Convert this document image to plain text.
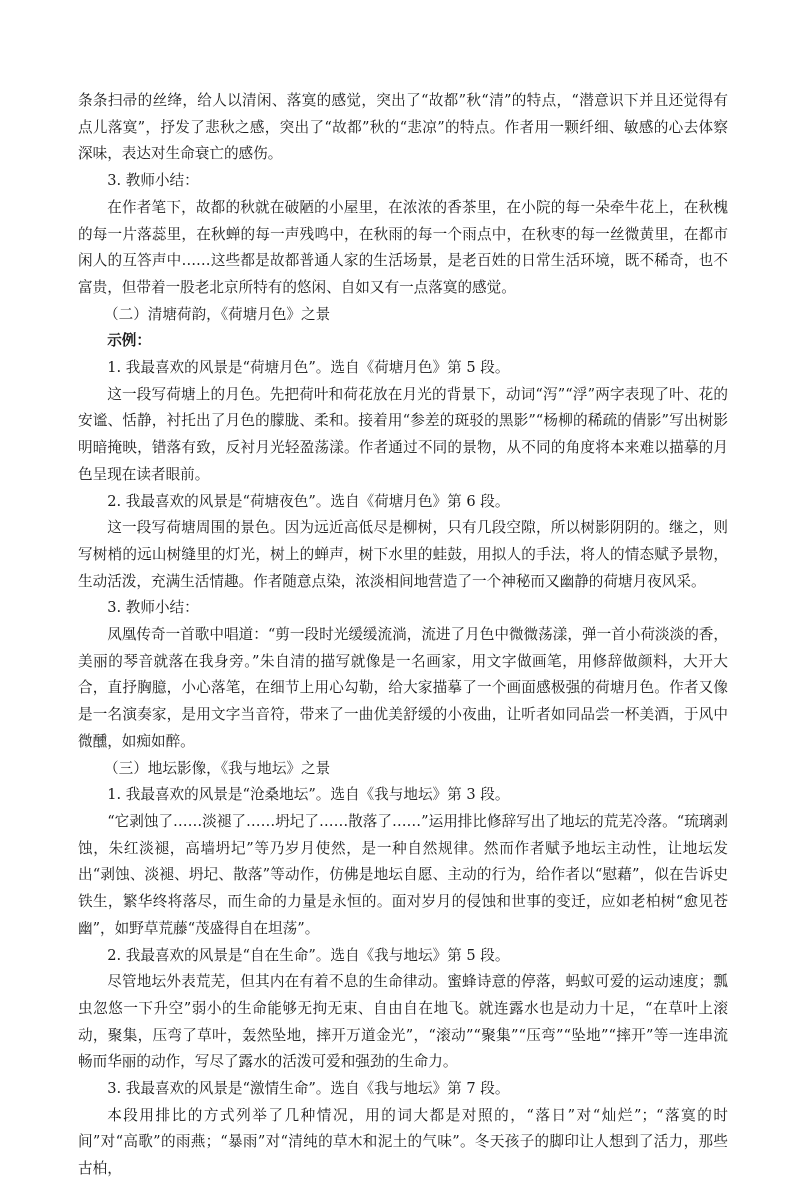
条条扫帚的丝绛，给人以清闲、落寞的感觉，突出了“故都”秋“清”的特点，“潜意识下并且还觉得有点儿落寞”，抒发了悲秋之感，突出了“故都”秋的“悲凉”的特点。作者用一颗纤细、敏感的心去体察深味，表达对生命衰亡的感伤。

3. 教师小结：

在作者笔下，故都的秋就在破陋的小屋里，在浓浓的香茶里，在小院的每一朵牵牛花上，在秋槐的每一片落蕊里，在秋蝉的每一声残鸣中，在秋雨的每一个雨点中，在秋枣的每一丝微黄里，在都市闲人的互答声中……这些都是故都普通人家的生活场景，是老百姓的日常生活环境，既不稀奇，也不富贵，但带着一股老北京所特有的悠闲、自如又有一点落寞的感觉。

（二）清塘荷韵，《荷塘月色》之景

示例：

1. 我最喜欢的风景是“荷塘月色”。选自《荷塘月色》第 5 段。

这一段写荷塘上的月色。先把荷叶和荷花放在月光的背景下，动词“泻”“浮”两字表现了叶、花的安谧、恬静，衬托出了月色的朦胧、柔和。接着用“参差的斑驳的黑影”“杨柳的稀疏的倩影”写出树影明暗掩映，错落有致，反衬月光轻盈荡漾。作者通过不同的景物，从不同的角度将本来难以描摹的月色呈现在读者眼前。

2. 我最喜欢的风景是“荷塘夜色”。选自《荷塘月色》第 6 段。

这一段写荷塘周围的景色。因为远近高低尽是柳树，只有几段空隙，所以树影阴阴的。继之，则写树梢的远山树缝里的灯光，树上的蝉声，树下水里的蛙鼓，用拟人的手法，将人的情态赋予景物，生动活泼，充满生活情趣。作者随意点染，浓淡相间地营造了一个神秘而又幽静的荷塘月夜风采。

3. 教师小结：

凤凰传奇一首歌中唱道：“剪一段时光缓缓流淌，流进了月色中微微荡漾，弹一首小荷淡淡的香，美丽的琴音就落在我身旁。”朱自清的描写就像是一名画家，用文字做画笔，用修辞做颜料，大开大合，直抒胸臆，小心落笔，在细节上用心勾勒，给大家描摹了一个画面感极强的荷塘月色。作者又像是一名演奏家，是用文字当音符，带来了一曲优美舒缓的小夜曲，让听者如同品尝一杯美酒，于风中微醺，如痴如醉。

（三）地坛影像，《我与地坛》之景

1. 我最喜欢的风景是“沧桑地坛”。选自《我与地坛》第 3 段。

“它剥蚀了……淡褪了……坍圮了……散落了……”运用排比修辞写出了地坛的荒芜冷落。“琉璃剥蚀，朱红淡褪，高墙坍圮”等乃岁月使然，是一种自然规律。然而作者赋予地坛主动性，让地坛发出“剥蚀、淡褪、坍圮、散落”等动作，仿佛是地坛自愿、主动的行为，给作者以“慰藉”，似在告诉史铁生，繁华终将落尽，而生命的力量是永恒的。面对岁月的侵蚀和世事的变迁，应如老柏树“愈见苍幽”，如野草荒藤“茂盛得自在坦荡”。

2. 我最喜欢的风景是“自在生命”。选自《我与地坛》第 5 段。

尽管地坛外表荒芜，但其内在有着不息的生命律动。蜜蜂诗意的停落，蚂蚁可爱的运动速度；瓢虫忽悠一下升空”弱小的生命能够无拘无束、自由自在地飞。就连露水也是动力十足，“在草叶上滚动，聚集，压弯了草叶，轰然坠地，摔开万道金光”，“滚动”“聚集”“压弯”“坠地”“摔开”等一连串流畅而华丽的动作，写尽了露水的活泼可爱和强劲的生命力。

3. 我最喜欢的风景是“激情生命”。选自《我与地坛》第 7 段。

本段用排比的方式列举了几种情况，用的词大都是对照的，“落日”对“灿烂”；“落寞的时间”对“高歌”的雨燕；“暴雨”对“清纯的草木和泥土的气味”。冬天孩子的脚印让人想到了活力，那些古柏，
